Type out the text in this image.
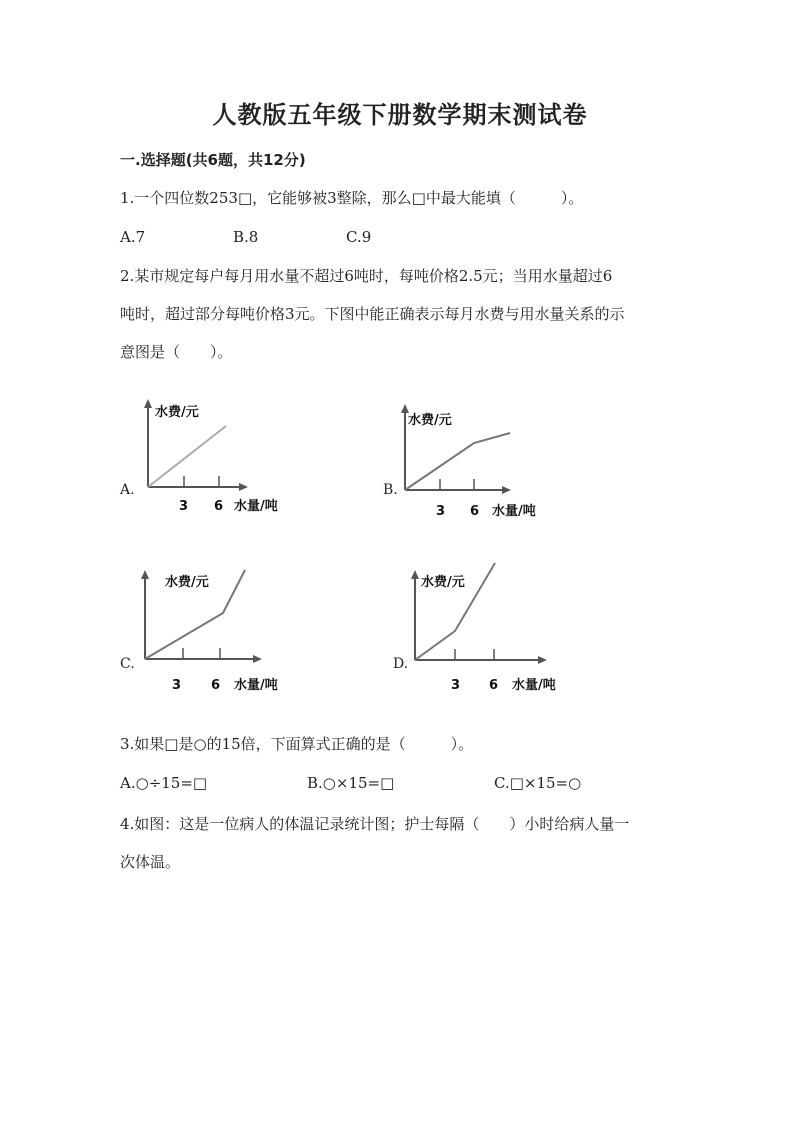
人教版五年级下册数学期末测试卷
一.选择题(共6题，共12分)
1.一个四位数253□，它能够被3整除，那么□中最大能填（　　　）。
A.7	B.8	C.9
2.某市规定每户每月用水量不超过6吨时，每吨价格2.5元；当用水量超过6
吨时，超过部分每吨价格3元。下图中能正确表示每月水费与用水量关系的示
意图是（　　）。
A.
水费/元
3 6 水量/吨
B.
水费/元
3 6 水量/吨
C.
水费/元
3 6 水量/吨
D.
水费/元
3 6 水量/吨
3.如果□是○的15倍，下面算式正确的是（　　　）。
A.○÷15=□	B.○×15=□	C.□×15=○
4.如图：这是一位病人的体温记录统计图；护士每隔（　　）小时给病人量一
次体温。
